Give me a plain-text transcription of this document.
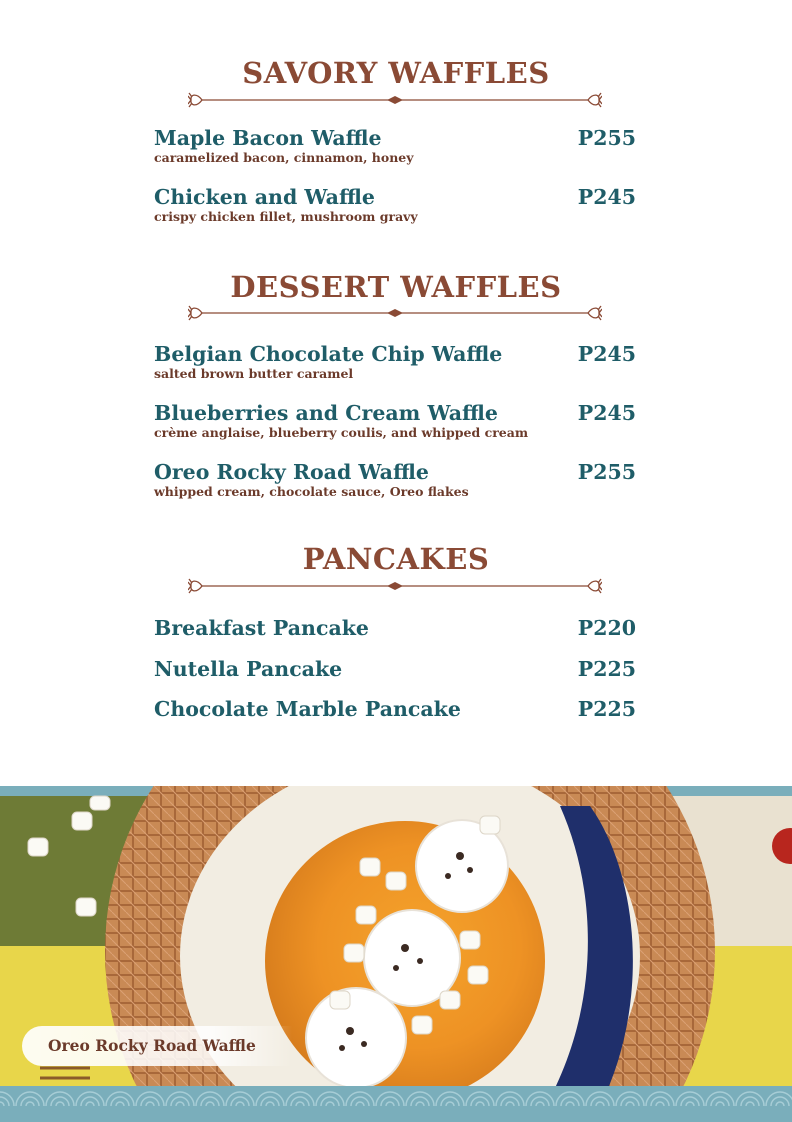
SAVORY WAFFLES
Maple Bacon Waffle	P255
caramelized bacon, cinnamon, honey
Chicken and Waffle	P245
crispy chicken fillet, mushroom gravy
DESSERT WAFFLES
Belgian Chocolate Chip Waffle	P245
salted brown butter caramel
Blueberries and Cream Waffle	P245
crème anglaise, blueberry coulis, and whipped cream
Oreo Rocky Road Waffle	P255
whipped cream, chocolate sauce, Oreo flakes
PANCAKES
Breakfast Pancake	P220
Nutella Pancake	P225
Chocolate Marble Pancake	P225
Oreo Rocky Road Waffle
